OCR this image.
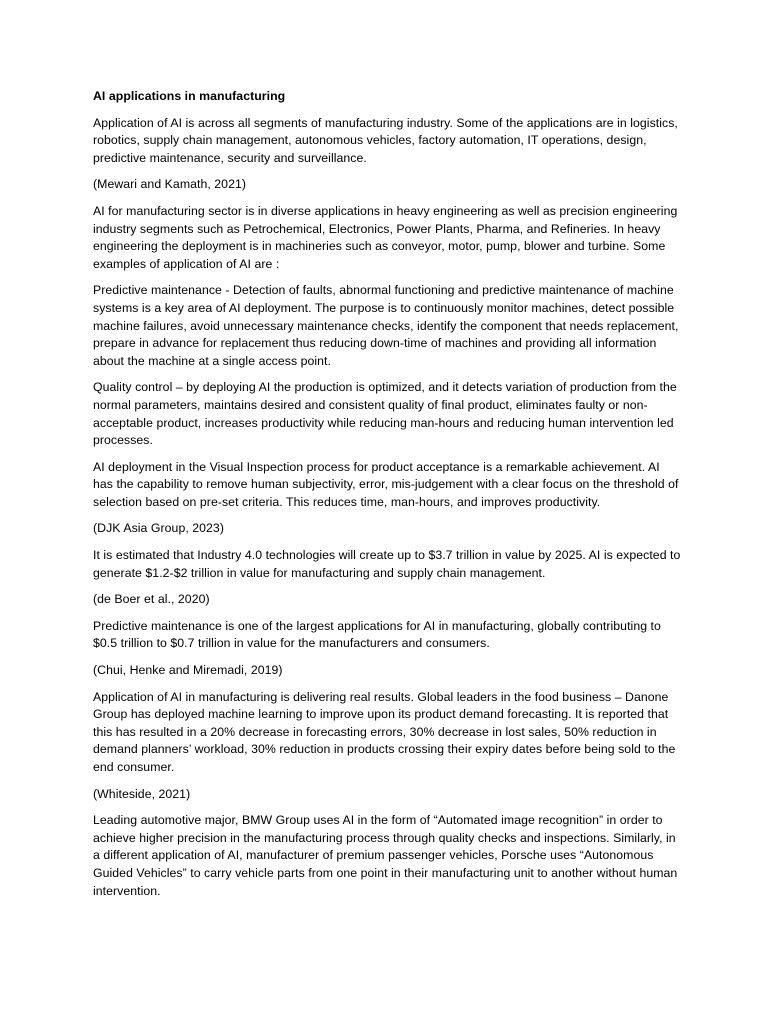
AI applications in manufacturing

Application of AI is across all segments of manufacturing industry. Some of the applications are in logistics, robotics, supply chain management, autonomous vehicles, factory automation, IT operations, design, predictive maintenance, security and surveillance.

(Mewari and Kamath, 2021)

AI for manufacturing sector is in diverse applications in heavy engineering as well as precision engineering industry segments such as Petrochemical, Electronics, Power Plants, Pharma, and Refineries. In heavy engineering the deployment is in machineries such as conveyor, motor, pump, blower and turbine. Some examples of application of AI are :

Predictive maintenance - Detection of faults, abnormal functioning and predictive maintenance of machine systems is a key area of AI deployment. The purpose is to continuously monitor machines, detect possible machine failures, avoid unnecessary maintenance checks, identify the component that needs replacement, prepare in advance for replacement thus reducing down-time of machines and providing all information about the machine at a single access point.

Quality control – by deploying AI the production is optimized, and it detects variation of production from the normal parameters, maintains desired and consistent quality of final product, eliminates faulty or non-acceptable product, increases productivity while reducing man-hours and reducing human intervention led processes.

AI deployment in the Visual Inspection process for product acceptance is a remarkable achievement. AI has the capability to remove human subjectivity, error, mis-judgement with a clear focus on the threshold of selection based on pre-set criteria. This reduces time, man-hours, and improves productivity.

(DJK Asia Group, 2023)

It is estimated that Industry 4.0 technologies will create up to $3.7 trillion in value by 2025. AI is expected to generate $1.2-$2 trillion in value for manufacturing and supply chain management.

(de Boer et al., 2020)

Predictive maintenance is one of the largest applications for AI in manufacturing, globally contributing to $0.5 trillion to $0.7 trillion in value for the manufacturers and consumers.

(Chui, Henke and Miremadi, 2019)

Application of AI in manufacturing is delivering real results. Global leaders in the food business – Danone Group has deployed machine learning to improve upon its product demand forecasting. It is reported that this has resulted in a 20% decrease in forecasting errors, 30% decrease in lost sales, 50% reduction in demand planners’ workload, 30% reduction in products crossing their expiry dates before being sold to the end consumer.

(Whiteside, 2021)

Leading automotive major, BMW Group uses AI in the form of “Automated image recognition” in order to achieve higher precision in the manufacturing process through quality checks and inspections. Similarly, in a different application of AI, manufacturer of premium passenger vehicles, Porsche uses “Autonomous Guided Vehicles” to carry vehicle parts from one point in their manufacturing unit to another without human intervention.
